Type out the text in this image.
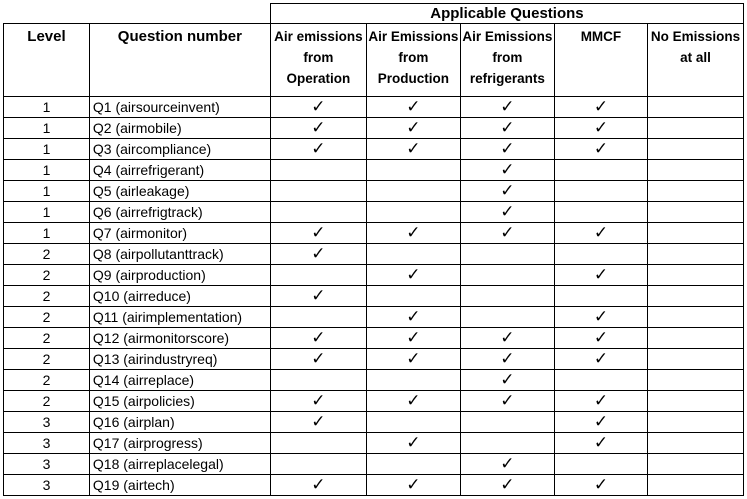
		Applicable Questions				
Level	Question number	Air emissions from Operation	Air Emissions from Production	Air Emissions from refrigerants	MMCF	No Emissions at all
1	Q1 (airsourceinvent)	✓	✓	✓	✓	
1	Q2 (airmobile)	✓	✓	✓	✓	
1	Q3 (aircompliance)	✓	✓	✓	✓	
1	Q4 (airrefrigerant)			✓		
1	Q5 (airleakage)			✓		
1	Q6 (airrefrigtrack)			✓		
1	Q7 (airmonitor)	✓	✓	✓	✓	
2	Q8 (airpollutanttrack)	✓				
2	Q9 (airproduction)		✓		✓	
2	Q10 (airreduce)	✓				
2	Q11 (airimplementation)		✓		✓	
2	Q12 (airmonitorscore)	✓	✓	✓	✓	
2	Q13 (airindustryreq)	✓	✓	✓	✓	
2	Q14 (airreplace)			✓		
2	Q15 (airpolicies)	✓	✓	✓	✓	
3	Q16 (airplan)	✓			✓	
3	Q17 (airprogress)		✓		✓	
3	Q18 (airreplacelegal)			✓		
3	Q19 (airtech)	✓	✓	✓	✓	
